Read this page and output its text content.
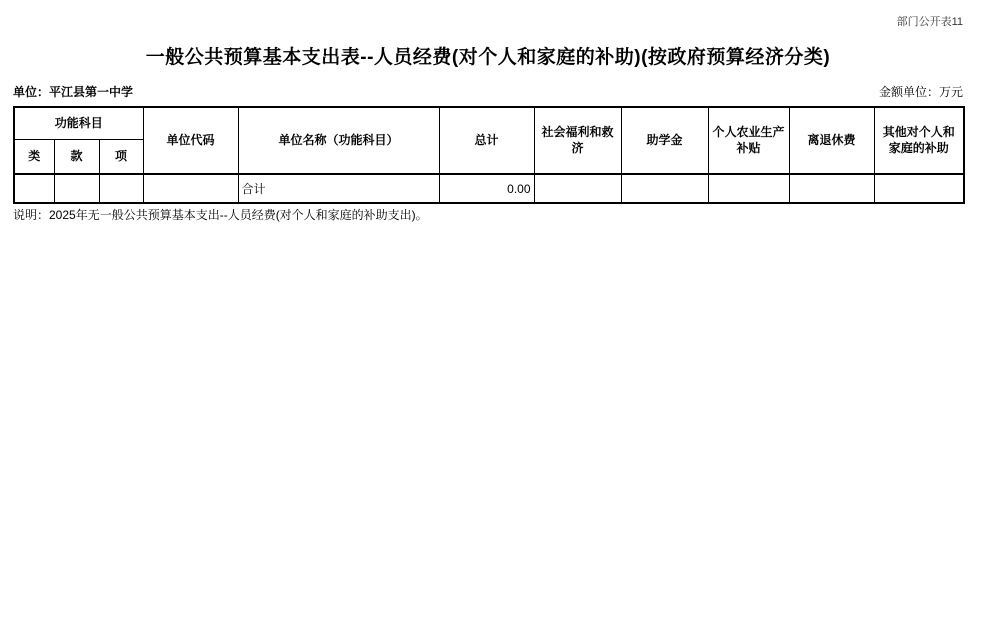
部门公开表11
一般公共预算基本支出表--人员经费(对个人和家庭的补助)(按政府预算经济分类)
单位：平江县第一中学	金额单位：万元
功能科目			单位代码	单位名称（功能科目）	总计	社会福利和救济	助学金	个人农业生产补贴	离退休费	其他对个人和家庭的补助
类	款	项								
				合计	0.00					
说明：2025年无一般公共预算基本支出--人员经费(对个人和家庭的补助支出)。
